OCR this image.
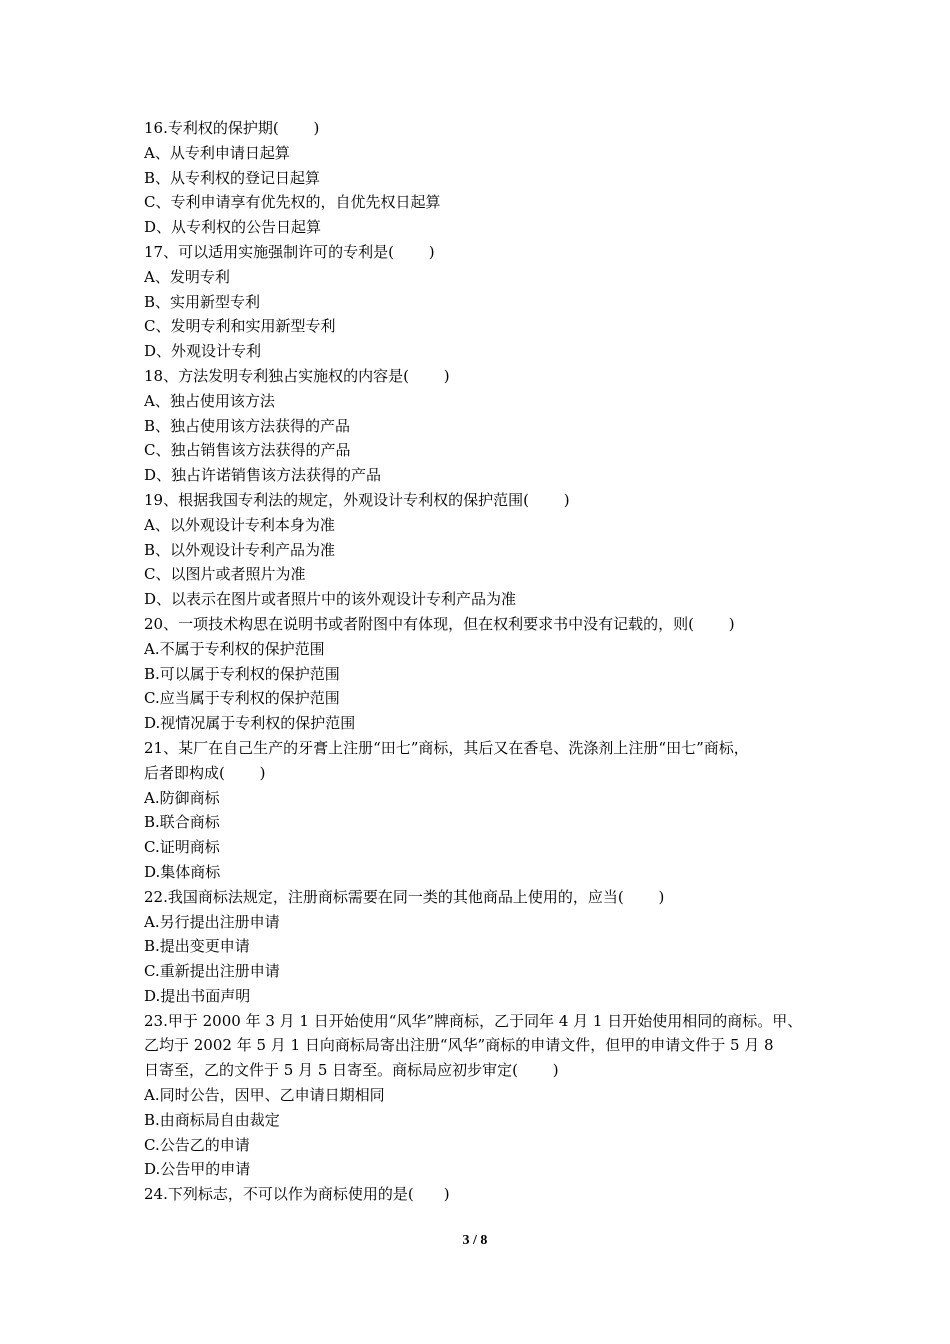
16.专利权的保护期(　　 )
A、从专利申请日起算
B、从专利权的登记日起算
C、专利申请享有优先权的，自优先权日起算
D、从专利权的公告日起算
17、可以适用实施强制许可的专利是(　　 )
A、发明专利
B、实用新型专利
C、发明专利和实用新型专利
D、外观设计专利
18、方法发明专利独占实施权的内容是(　　 )
A、独占使用该方法
B、独占使用该方法获得的产品
C、独占销售该方法获得的产品
D、独占许诺销售该方法获得的产品
19、根据我国专利法的规定，外观设计专利权的保护范围(　　 )
A、以外观设计专利本身为准
B、以外观设计专利产品为准
C、以图片或者照片为准
D、以表示在图片或者照片中的该外观设计专利产品为准
20、一项技术构思在说明书或者附图中有体现，但在权利要求书中没有记载的，则(　　 )
A.不属于专利权的保护范围
B.可以属于专利权的保护范围
C.应当属于专利权的保护范围
D.视情况属于专利权的保护范围
21、某厂在自己生产的牙膏上注册“田七”商标，其后又在香皂、洗涤剂上注册“田七”商标，
后者即构成(　　 )
A.防御商标
B.联合商标
C.证明商标
D.集体商标
22.我国商标法规定，注册商标需要在同一类的其他商品上使用的，应当(　　 )
A.另行提出注册申请
B.提出变更申请
C.重新提出注册申请
D.提出书面声明
23.甲于 2000 年 3 月 1 日开始使用“风华”牌商标，乙于同年 4 月 1 日开始使用相同的商标。甲、
乙均于 2002 年 5 月 1 日向商标局寄出注册“风华”商标的申请文件，但甲的申请文件于 5 月 8
日寄至，乙的文件于 5 月 5 日寄至。商标局应初步审定(　　 )
A.同时公告，因甲、乙申请日期相同
B.由商标局自由裁定
C.公告乙的申请
D.公告甲的申请
24.下列标志，不可以作为商标使用的是(　　)
3 / 8
